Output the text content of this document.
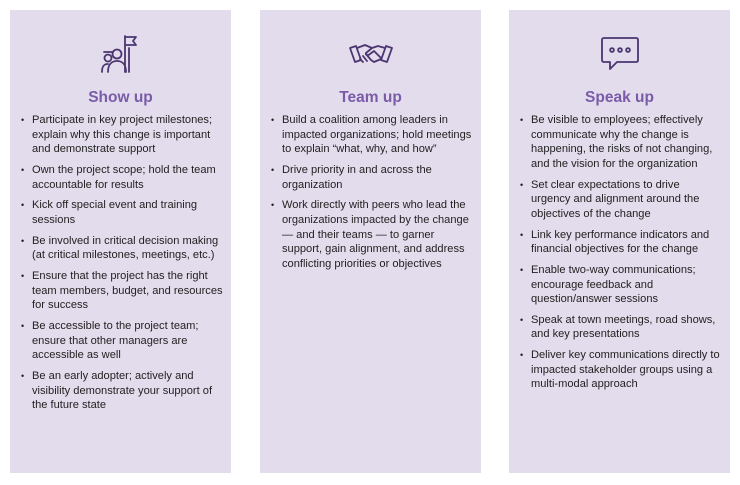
Show up
• Participate in key project milestones; explain why this change is important and demonstrate support
• Own the project scope; hold the team accountable for results
• Kick off special event and training sessions
• Be involved in critical decision making (at critical milestones, meetings, etc.)
• Ensure that the project has the right team members, budget, and resources for success
• Be accessible to the project team; ensure that other managers are accessible as well
• Be an early adopter; actively and visibility demonstrate your support of the future state
Team up
• Build a coalition among leaders in impacted organizations; hold meetings to explain “what, why, and how”
• Drive priority in and across the organization
• Work directly with peers who lead the organizations impacted by the change — and their teams — to garner support, gain alignment, and address conflicting priorities or objectives
Speak up
• Be visible to employees; effectively communicate why the change is happening, the risks of not changing, and the vision for the organization
• Set clear expectations to drive urgency and alignment around the objectives of the change
• Link key performance indicators and financial objectives for the change
• Enable two-way communications; encourage feedback and question/answer sessions
• Speak at town meetings, road shows, and key presentations
• Deliver key communications directly to impacted stakeholder groups using a multi-modal approach
